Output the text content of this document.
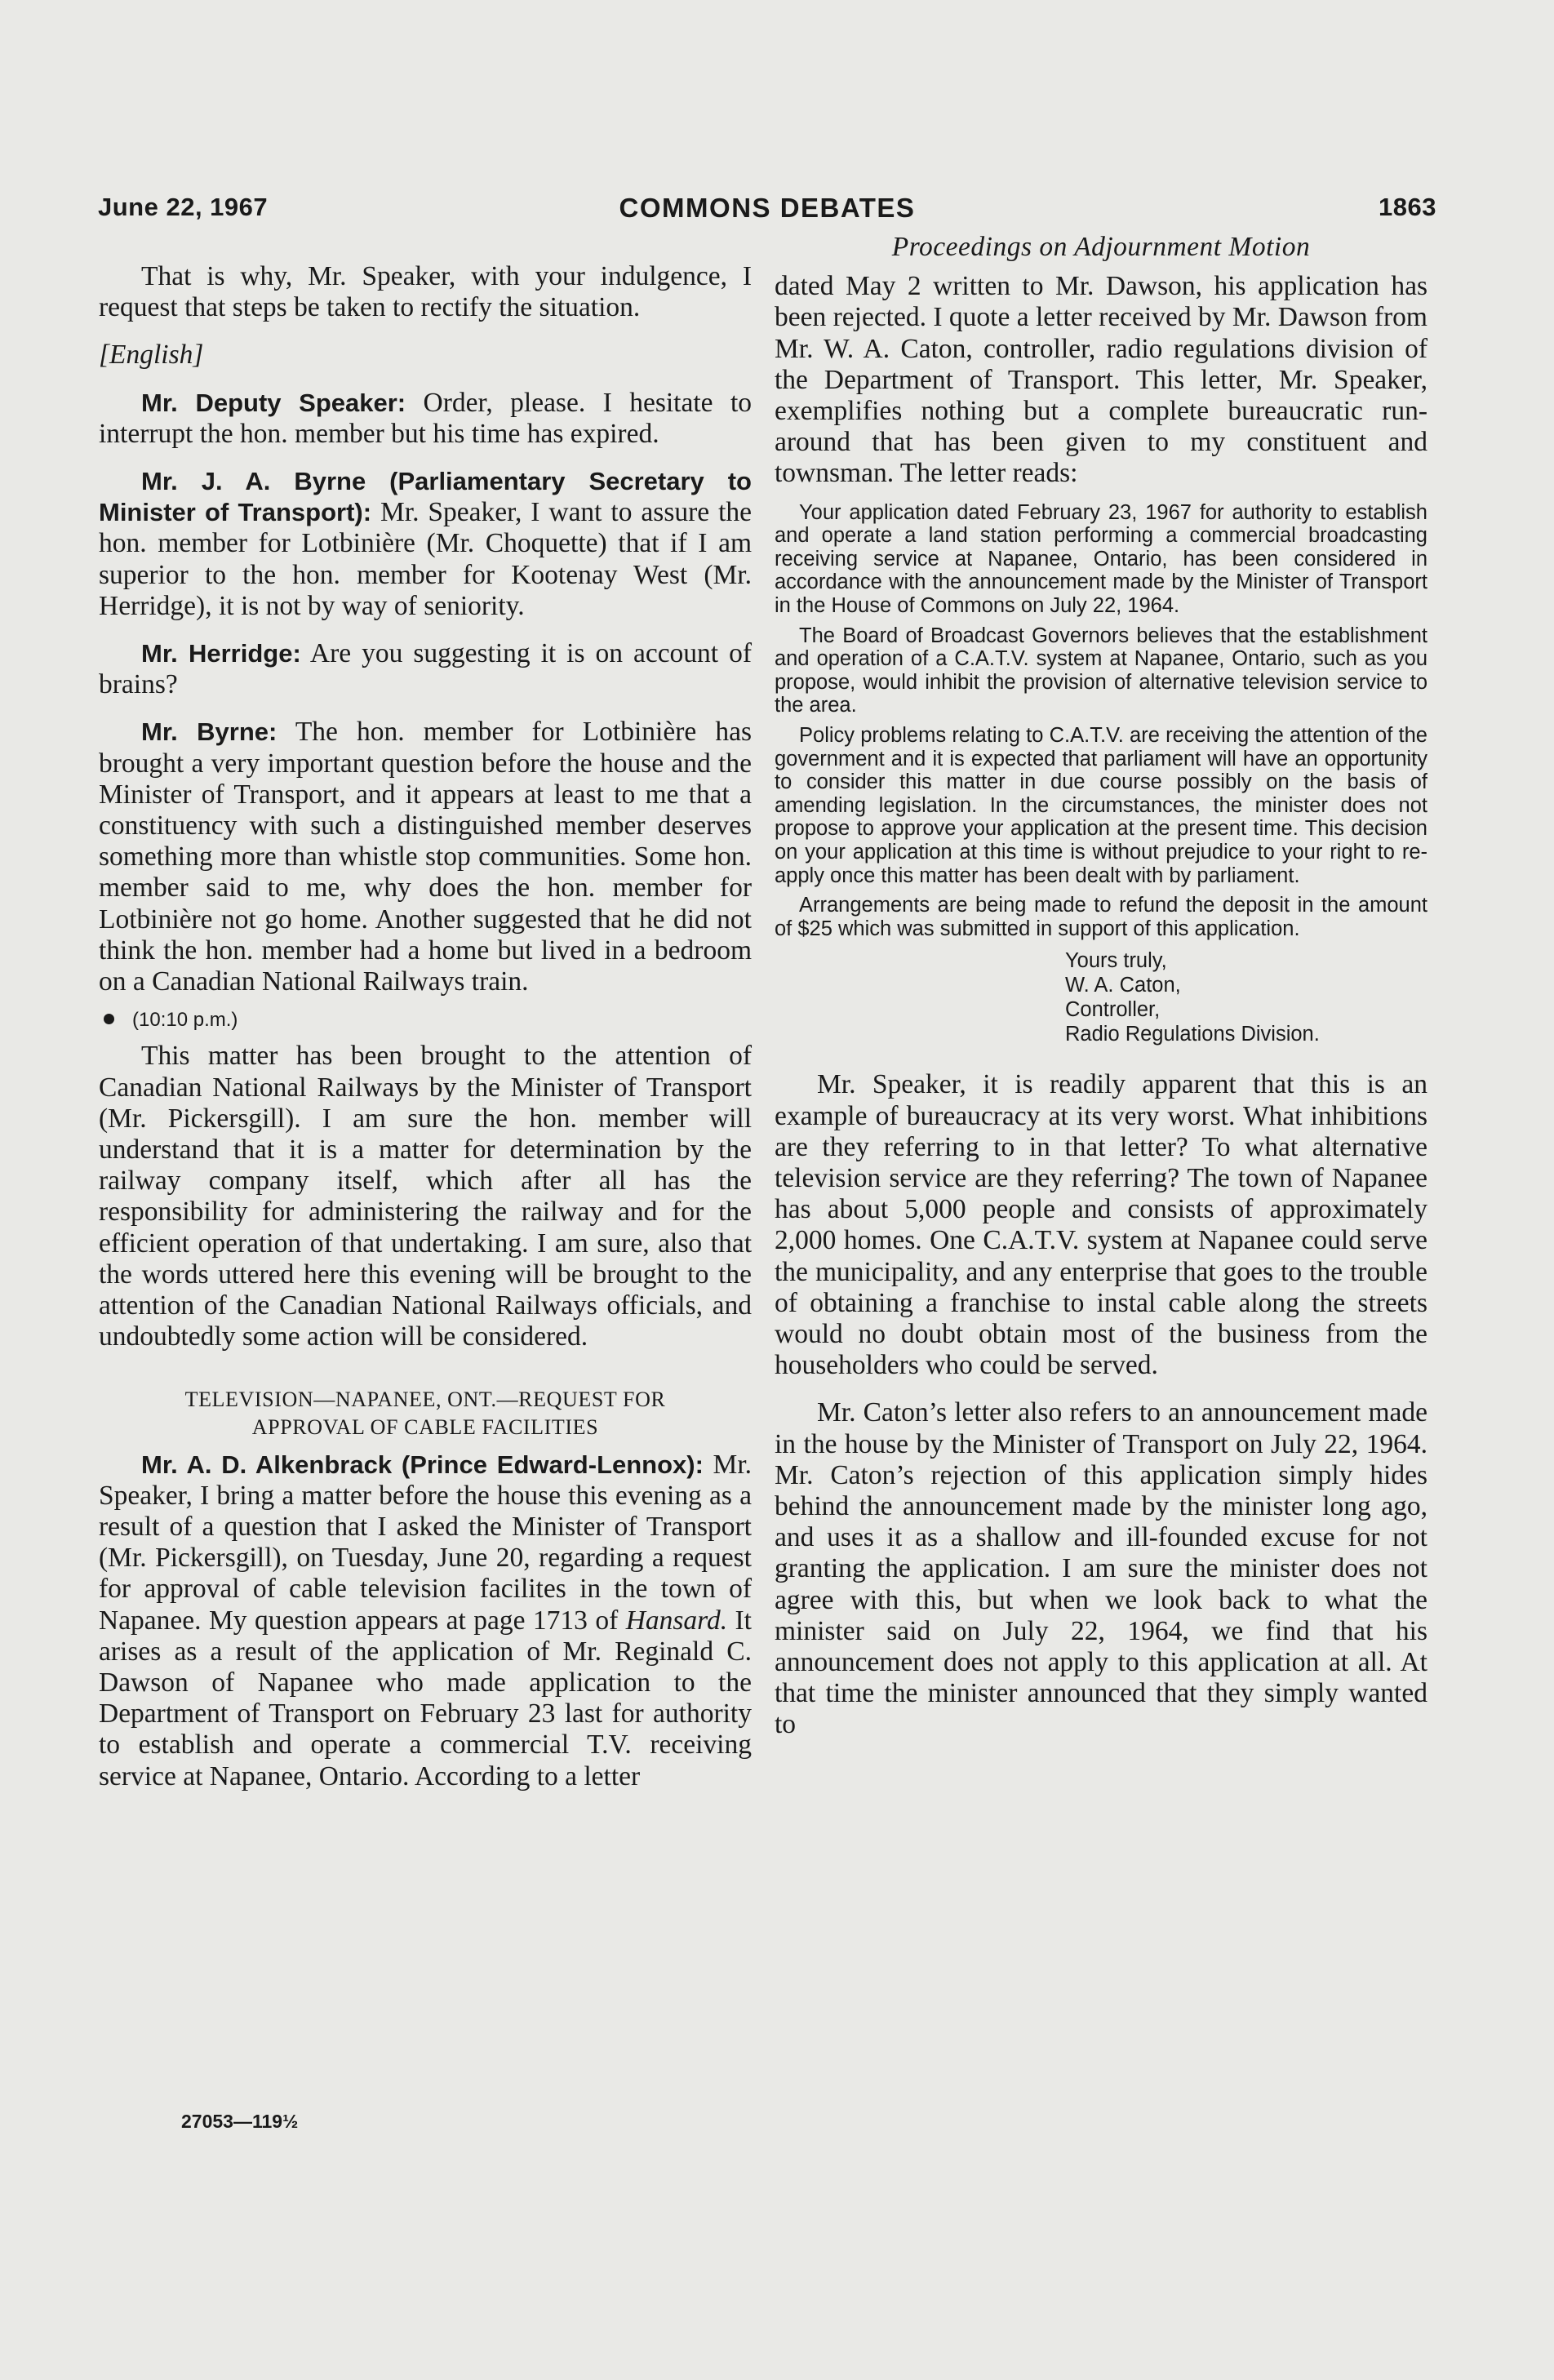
June 22, 1967	COMMONS DEBATES	1863

That is why, Mr. Speaker, with your indulgence, I request that steps be taken to rectify the situation.

[English]

Mr. Deputy Speaker: Order, please. I hesitate to interrupt the hon. member but his time has expired.

Mr. J. A. Byrne (Parliamentary Secretary to Minister of Transport): Mr. Speaker, I want to assure the hon. member for Lotbinière (Mr. Choquette) that if I am superior to the hon. member for Kootenay West (Mr. Herridge), it is not by way of seniority.

Mr. Herridge: Are you suggesting it is on account of brains?

Mr. Byrne: The hon. member for Lotbinière has brought a very important question before the house and the Minister of Transport, and it appears at least to me that a constituency with such a distinguished member deserves something more than whistle stop communities. Some hon. member said to me, why does the hon. member for Lotbinière not go home. Another suggested that he did not think the hon. member had a home but lived in a bedroom on a Canadian National Railways train.

(10:10 p.m.)

This matter has been brought to the attention of Canadian National Railways by the Minister of Transport (Mr. Pickersgill). I am sure the hon. member will understand that it is a matter for determination by the railway company itself, which after all has the responsibility for administering the railway and for the efficient operation of that undertaking. I am sure, also that the words uttered here this evening will be brought to the attention of the Canadian National Railways officials, and undoubtedly some action will be considered.

TELEVISION—NAPANEE, ONT.—REQUEST FOR
APPROVAL OF CABLE FACILITIES

Mr. A. D. Alkenbrack (Prince Edward-Lennox): Mr. Speaker, I bring a matter before the house this evening as a result of a question that I asked the Minister of Transport (Mr. Pickersgill), on Tuesday, June 20, regarding a request for approval of cable television facilites in the town of Napanee. My question appears at page 1713 of Hansard. It arises as a result of the application of Mr. Reginald C. Dawson of Napanee who made application to the Department of Transport on February 23 last for authority to establish and operate a commercial T.V. receiving service at Napanee, Ontario. According to a letter

27053—119½
Proceedings on Adjournment Motion

dated May 2 written to Mr. Dawson, his application has been rejected. I quote a letter received by Mr. Dawson from Mr. W. A. Caton, controller, radio regulations division of the Department of Transport. This letter, Mr. Speaker, exemplifies nothing but a complete bureaucratic run-around that has been given to my constituent and townsman. The letter reads:

Your application dated February 23, 1967 for authority to establish and operate a land station performing a commercial broadcasting receiving service at Napanee, Ontario, has been considered in accordance with the announcement made by the Minister of Transport in the House of Commons on July 22, 1964.

The Board of Broadcast Governors believes that the establishment and operation of a C.A.T.V. system at Napanee, Ontario, such as you propose, would inhibit the provision of alternative television service to the area.

Policy problems relating to C.A.T.V. are receiving the attention of the government and it is expected that parliament will have an opportunity to consider this matter in due course possibly on the basis of amending legislation. In the circumstances, the minister does not propose to approve your application at the present time. This decision on your application at this time is without prejudice to your right to re-apply once this matter has been dealt with by parliament.

Arrangements are being made to refund the deposit in the amount of $25 which was submitted in support of this application.

Yours truly,
W. A. Caton,
Controller,
Radio Regulations Division.

Mr. Speaker, it is readily apparent that this is an example of bureaucracy at its very worst. What inhibitions are they referring to in that letter? To what alternative television service are they referring? The town of Napanee has about 5,000 people and consists of approximately 2,000 homes. One C.A.T.V. system at Napanee could serve the municipality, and any enterprise that goes to the trouble of obtaining a franchise to instal cable along the streets would no doubt obtain most of the business from the householders who could be served.

Mr. Caton’s letter also refers to an announcement made in the house by the Minister of Transport on July 22, 1964. Mr. Caton’s rejection of this application simply hides behind the announcement made by the minister long ago, and uses it as a shallow and ill-founded excuse for not granting the application. I am sure the minister does not agree with this, but when we look back to what the minister said on July 22, 1964, we find that his announcement does not apply to this application at all. At that time the minister announced that they simply wanted to
